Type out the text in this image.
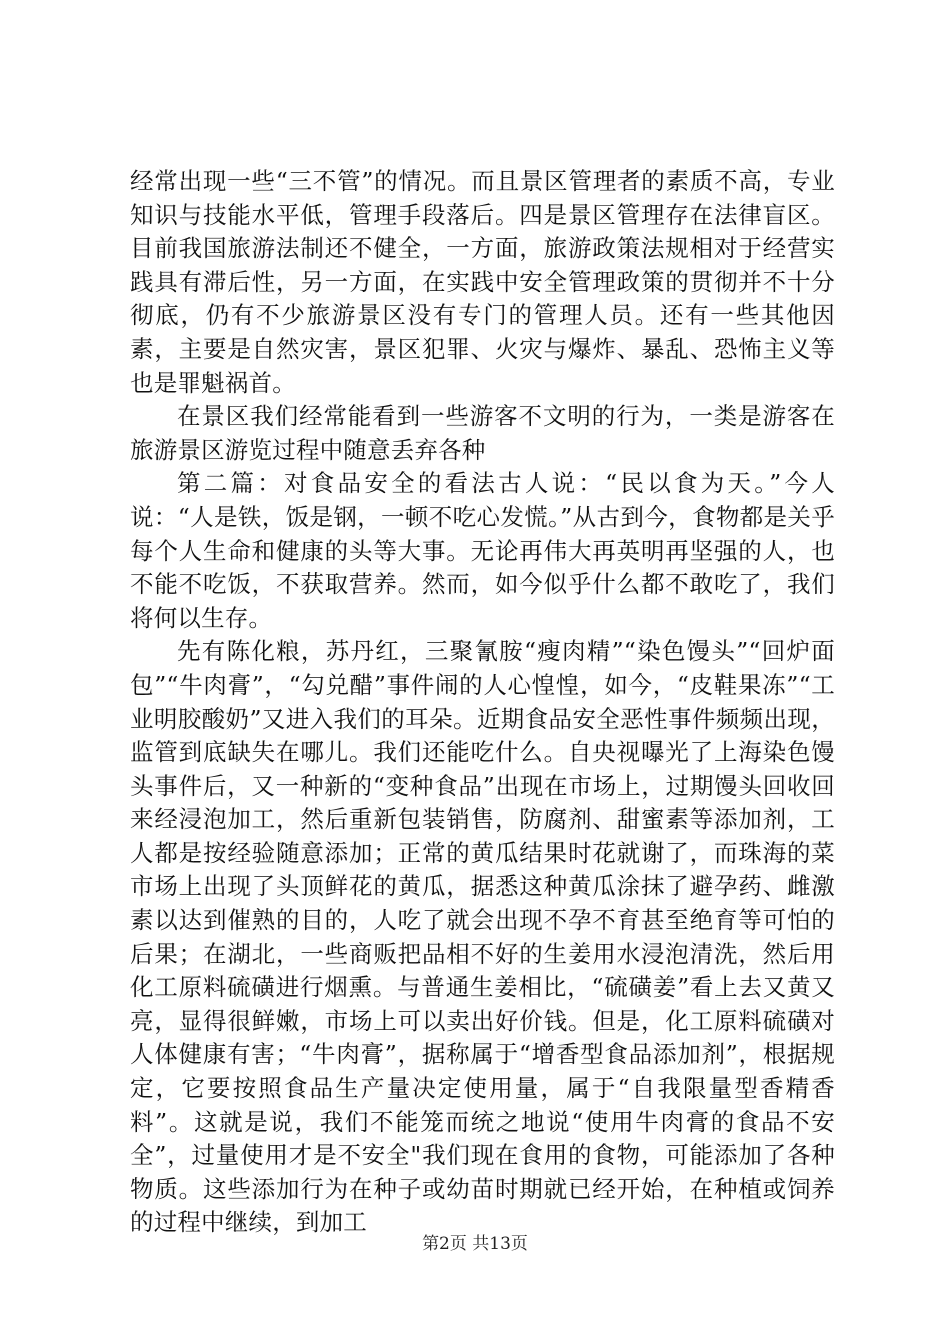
经常出现一些“三不管”的情况。而且景区管理者的素质不高，专业知识与技能水平低，管理手段落后。四是景区管理存在法律盲区。目前我国旅游法制还不健全，一方面，旅游政策法规相对于经营实践具有滞后性，另一方面，在实践中安全管理政策的贯彻并不十分彻底，仍有不少旅游景区没有专门的管理人员。还有一些其他因素，主要是自然灾害，景区犯罪、火灾与爆炸、暴乱、恐怖主义等也是罪魁祸首。

在景区我们经常能看到一些游客不文明的行为，一类是游客在旅游景区游览过程中随意丢弃各种

第二篇：对食品安全的看法古人说：“民以食为天。”今人说：“人是铁，饭是钢，一顿不吃心发慌。”从古到今，食物都是关乎每个人生命和健康的头等大事。无论再伟大再英明再坚强的人，也不能不吃饭，不获取营养。然而，如今似乎什么都不敢吃了，我们将何以生存。

先有陈化粮，苏丹红，三聚氰胺“瘦肉精”“染色馒头”“回炉面包”“牛肉膏”，“勾兑醋”事件闹的人心惶惶，如今，“皮鞋果冻”“工业明胶酸奶”又进入我们的耳朵。近期食品安全恶性事件频频出现，监管到底缺失在哪儿。我们还能吃什么。自央视曝光了上海染色馒头事件后，又一种新的“变种食品”出现在市场上，过期馒头回收回来经浸泡加工，然后重新包装销售，防腐剂、甜蜜素等添加剂，工人都是按经验随意添加；正常的黄瓜结果时花就谢了，而珠海的菜市场上出现了头顶鲜花的黄瓜，据悉这种黄瓜涂抹了避孕药、雌激素以达到催熟的目的，人吃了就会出现不孕不育甚至绝育等可怕的后果；在湖北，一些商贩把品相不好的生姜用水浸泡清洗，然后用化工原料硫磺进行烟熏。与普通生姜相比，“硫磺姜”看上去又黄又亮，显得很鲜嫩，市场上可以卖出好价钱。但是，化工原料硫磺对人体健康有害；“牛肉膏”，据称属于“增香型食品添加剂”，根据规定，它要按照食品生产量决定使用量，属于“自我限量型香精香料”。这就是说，我们不能笼而统之地说“使用牛肉膏的食品不安全”，过量使用才是不安全"我们现在食用的食物，可能添加了各种物质。这些添加行为在种子或幼苗时期就已经开始，在种植或饲养的过程中继续，到加工

第2页 共13页
